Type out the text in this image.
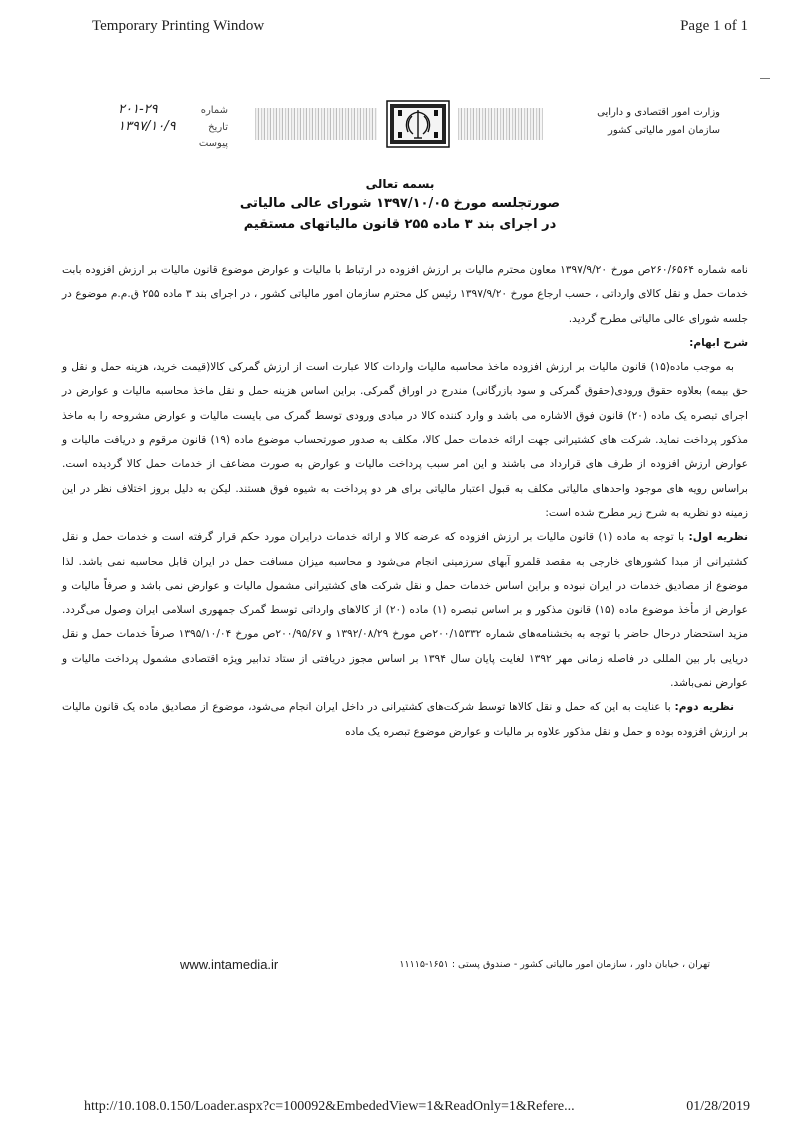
Temporary Printing Window	Page 1 of 1
شماره
۲۰۱-۲۹
تاریخ
۱۳۹۷/۱۰/۹
پیوست
وزارت امور اقتصادی و دارایی
سازمان امور مالیاتی کشور
بسمه تعالی
صورتجلسه مورخ ۱۳۹۷/۱۰/۰۵ شورای عالی مالیاتی
در اجرای بند ۳ ماده ۲۵۵ قانون مالیاتهای مستقیم

نامه شماره ۲۶۰/۶۵۶۴ص مورخ ۱۳۹۷/۹/۲۰ معاون محترم مالیات بر ارزش افزوده در ارتباط با مالیات و عوارض موضوع قانون مالیات بر ارزش افزوده بابت خدمات حمل و نقل کالای وارداتی ، حسب ارجاع مورخ ۱۳۹۷/۹/۲۰ رئیس کل محترم سازمان امور مالیاتی کشور ، در اجرای بند ۳ ماده ۲۵۵ ق.م.م موضوع در جلسه شورای عالی مالیاتی مطرح گردید.

شرح ابهام:

به موجب ماده(۱۵) قانون مالیات بر ارزش افزوده ماخذ محاسبه مالیات واردات کالا عبارت است از ارزش گمرکی کالا(قیمت خرید، هزینه حمل و نقل و حق بیمه) بعلاوه حقوق ورودی(حقوق گمرکی و سود بازرگانی) مندرج در اوراق گمرکی. براین اساس هزینه حمل و نقل ماخذ محاسبه مالیات و عوارض در اجرای تبصره یک ماده (۲۰) قانون فوق الاشاره می باشد و وارد کننده کالا در مبادی ورودی توسط گمرک می بایست مالیات و عوارض مشروحه را به ماخذ مذکور پرداخت نماید. شرکت های کشتیرانی جهت ارائه خدمات حمل کالا، مکلف به صدور صورتحساب موضوع ماده (۱۹) قانون مرقوم و دریافت مالیات و عوارض ارزش افزوده از طرف های قرارداد می باشند و این امر سبب پرداخت مالیات و عوارض به صورت مضاعف از خدمات حمل کالا گردیده است. براساس رویه های موجود واحدهای مالیاتی مکلف به قبول اعتبار مالیاتی برای هر دو پرداخت به شیوه فوق هستند. لیکن به دلیل بروز اختلاف نظر در این زمینه دو نظریه به شرح زیر مطرح شده است:

نظریه اول: با توجه به ماده (۱) قانون مالیات بر ارزش افزوده که عرضه کالا و ارائه خدمات درایران مورد حکم قرار گرفته است و خدمات حمل و نقل کشتیرانی از مبدا کشورهای خارجی به مقصد قلمرو آبهای سرزمینی انجام می‌شود و محاسبه میزان مسافت حمل در ایران قابل محاسبه نمی باشد. لذا موضوع از مصادیق خدمات در ایران نبوده و براین اساس خدمات حمل و نقل شرکت های کشتیرانی مشمول مالیات و عوارض نمی باشد و صرفاً مالیات و عوارض از مأخذ موضوع ماده (۱۵) قانون مذکور و بر اساس تبصره (۱) ماده (۲۰) از کالاهای وارداتی توسط گمرک جمهوری اسلامی ایران وصول می‌گردد. مزید استحضار درحال حاضر با توجه به بخشنامه‌های شماره ۲۰۰/۱۵۳۳۲ص مورخ ۱۳۹۲/۰۸/۲۹ و ۲۰۰/۹۵/۶۷ص مورخ ۱۳۹۵/۱۰/۰۴ صرفاً خدمات حمل و نقل دریایی بار بین المللی در فاصله زمانی مهر ۱۳۹۲ لغایت پایان سال ۱۳۹۴ بر اساس مجوز دریافتی از ستاد تدابیر ویژه اقتصادی مشمول پرداخت مالیات و عوارض نمی‌باشد.

نظریه دوم: با عنایت به این که حمل و نقل کالاها توسط شرکت‌های کشتیرانی در داخل ایران انجام می‌شود، موضوع از مصادیق ماده یک قانون مالیات بر ارزش افزوده بوده و حمل و نقل مذکور علاوه بر مالیات و عوارض موضوع تبصره یک ماده

www.intamedia.ir	تهران ، خیابان داور ، سازمان امور مالیاتی کشور - صندوق پستی : ۱۶۵۱-۱۱۱۱۵
http://10.108.0.150/Loader.aspx?c=100092&EmbededView=1&ReadOnly=1&Refere...	01/28/2019
